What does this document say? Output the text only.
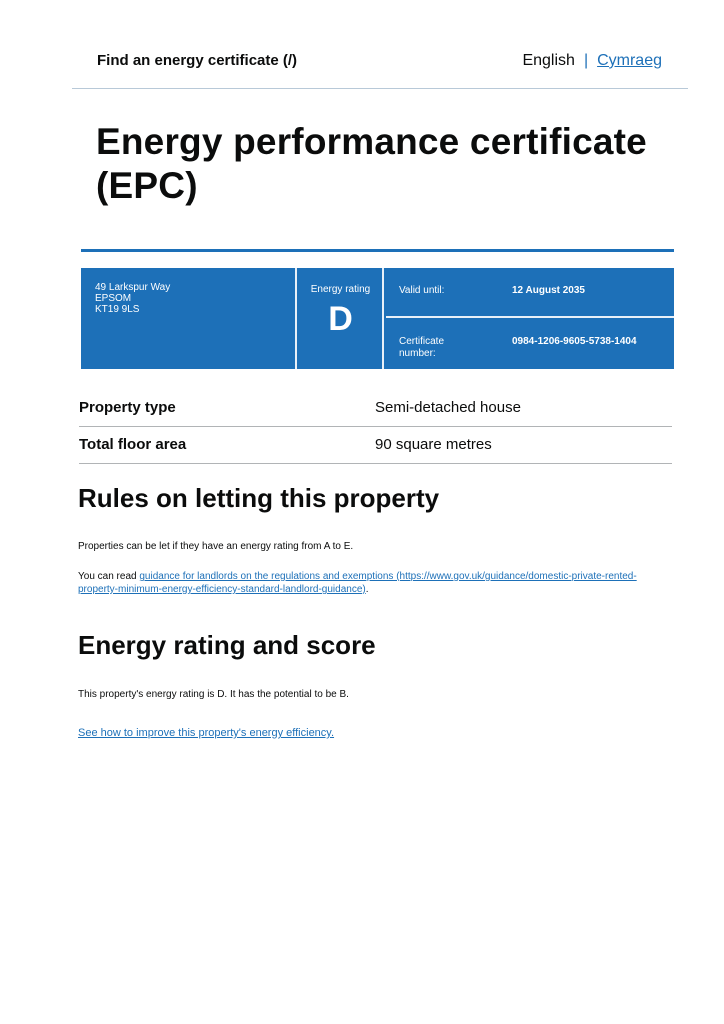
Find an energy certificate (/)	English | Cymraeg
Energy performance certificate (EPC)
49 Larkspur Way
EPSOM
KT19 9LS
Energy rating
D
Valid until:	12 August 2035
Certificate number:
0984-1206-9605-5738-1404
Property type	Semi-detached house
Total floor area	90 square metres
Rules on letting this property
Properties can be let if they have an energy rating from A to E.
You can read guidance for landlords on the regulations and exemptions (https://www.gov.uk/guidance/domestic-private-rented-property-minimum-energy-efficiency-standard-landlord-guidance).
Energy rating and score
This property's energy rating is D. It has the potential to be B.
See how to improve this property's energy efficiency.
